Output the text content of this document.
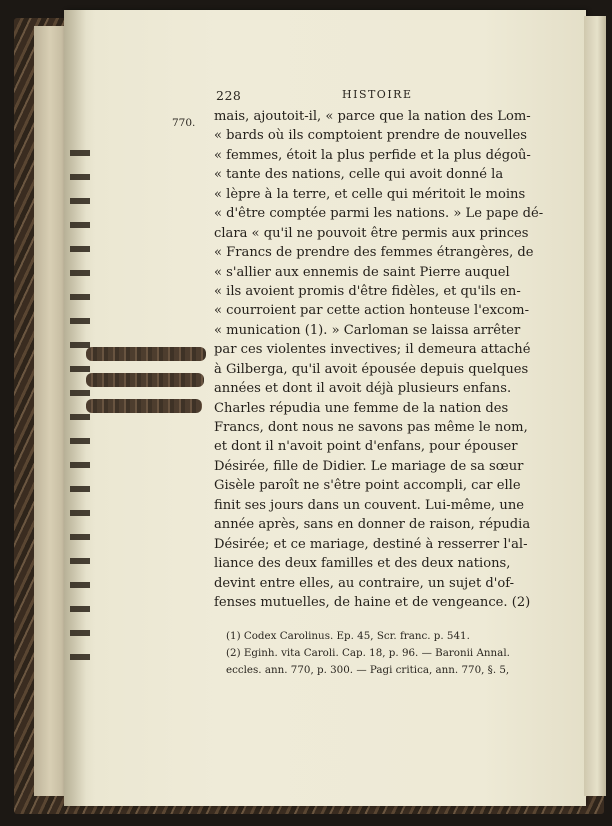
228	HISTOIRE
770. mais, ajoutoit-il, « parce que la nation des Lom-
« bards où ils comptoient prendre de nouvelles
« femmes, étoit la plus perfide et la plus dégoû-
« tante des nations, celle qui avoit donné la
« lèpre à la terre, et celle qui méritoit le moins
« d'être comptée parmi les nations. » Le pape dé-
clara « qu'il ne pouvoit être permis aux princes
« Francs de prendre des femmes étrangères, de
« s'allier aux ennemis de saint Pierre auquel
« ils avoient promis d'être fidèles, et qu'ils en-
« courroient par cette action honteuse l'excom-
« munication (1). » Carloman se laissa arrêter
par ces violentes invectives; il demeura attaché
à Gilberga, qu'il avoit épousée depuis quelques
années et dont il avoit déjà plusieurs enfans.
Charles répudia une femme de la nation des
Francs, dont nous ne savons pas même le nom,
et dont il n'avoit point d'enfans, pour épouser
Désirée, fille de Didier. Le mariage de sa sœur
Gisèle paroît ne s'être point accompli, car elle
finit ses jours dans un couvent. Lui-même, une
année après, sans en donner de raison, répudia
Désirée; et ce mariage, destiné à resserrer l'al-
liance des deux familles et des deux nations,
devint entre elles, au contraire, un sujet d'of-
fenses mutuelles, de haine et de vengeance. (2)
(1) Codex Carolinus. Ep. 45, Scr. franc. p. 541.
(2) Eginh. vita Caroli. Cap. 18, p. 96. — Baronii Annal.
eccles. ann. 770, p. 300. — Pagi critica, ann. 770, §. 5,
